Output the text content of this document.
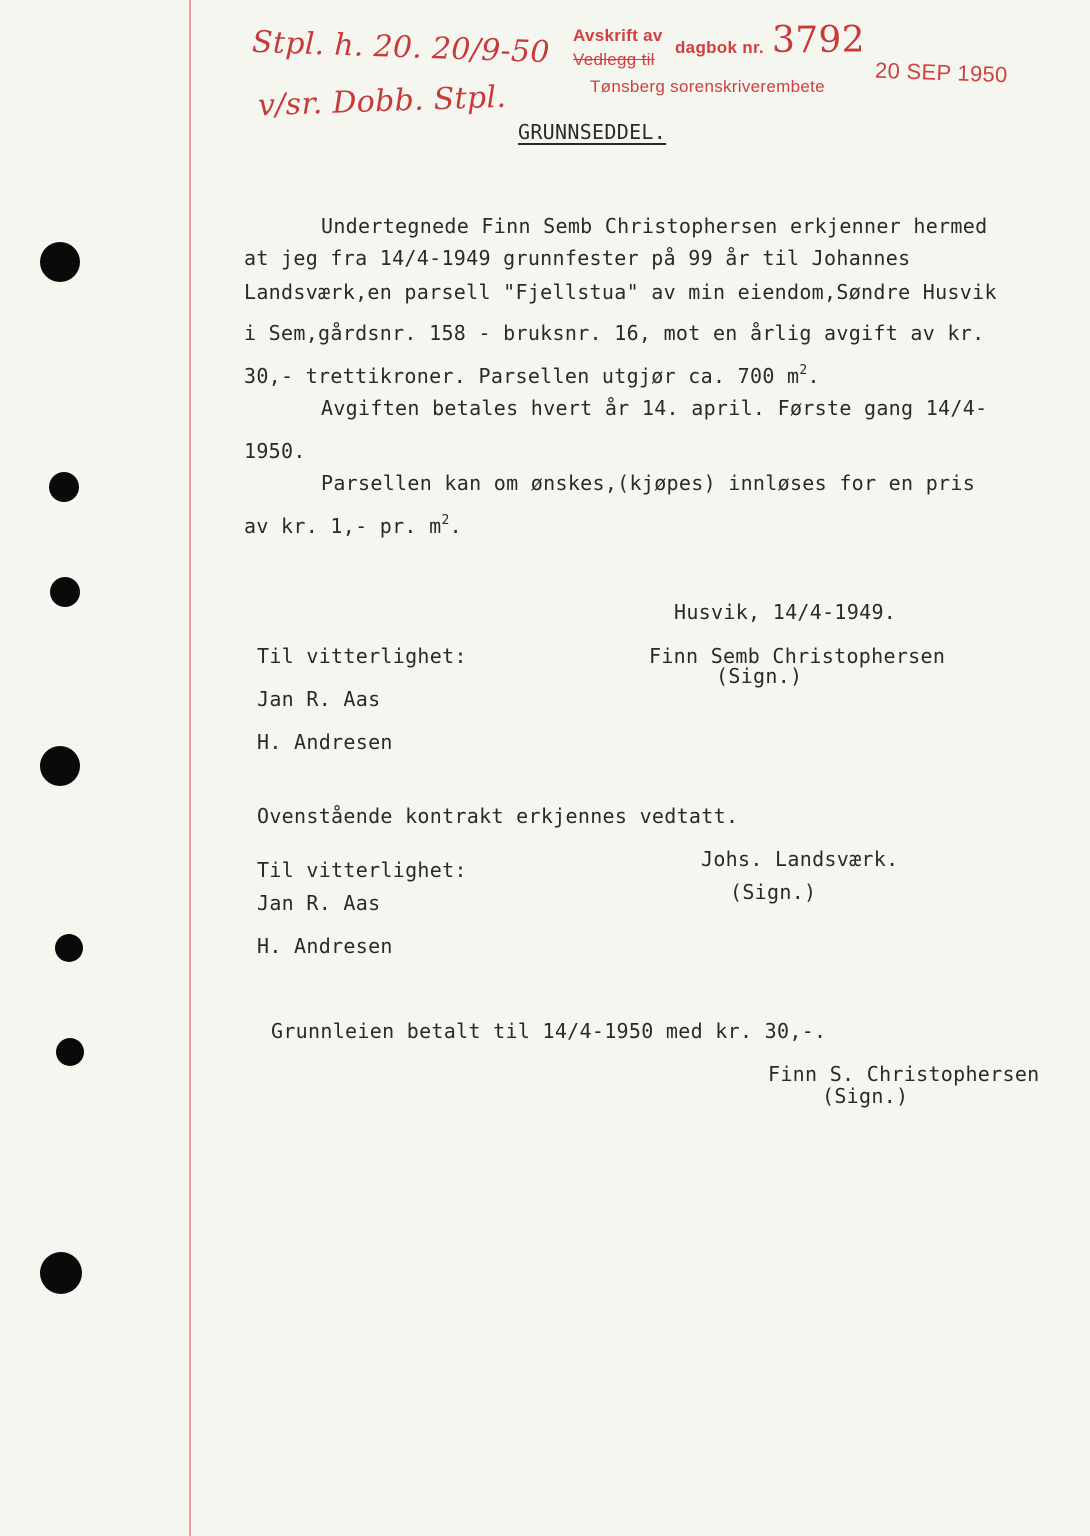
Stpl. h. 20. 20/9-50
v/sr. Dobb. Stpl.
Avskrift av
Vedlegg til
dagbok nr. 3792
Tønsberg sorenskriverembete 20 SEP 1950
GRUNNSEDDEL.
Undertegnede Finn Semb Christophersen erkjenner hermed
at jeg fra 14/4-1949 grunnfester på 99 år til Johannes
Landsværk,en parsell "Fjellstua" av min eiendom,Søndre Husvik
i Sem,gårdsnr. 158 - bruksnr. 16, mot en årlig avgift av kr.
30,- trettikroner. Parsellen utgjør ca. 700 $m^2$.
Avgiften betales hvert år 14. april. Første gang 14/4-
1950.
Parsellen kan om ønskes,(kjøpes) innløses for en pris
av kr. 1,- pr. $m^2$.
Husvik, 14/4-1949.
Til vitterlighet:	Finn Semb Christophersen
(Sign.)
Jan R. Aas
H. Andresen
Ovenstående kontrakt erkjennes vedtatt.
Johs. Landsværk.
Til vitterlighet:
(Sign.)
Jan R. Aas
H. Andresen
Grunnleien betalt til 14/4-1950 med kr. 30,-.
Finn S. Christophersen
(Sign.)
